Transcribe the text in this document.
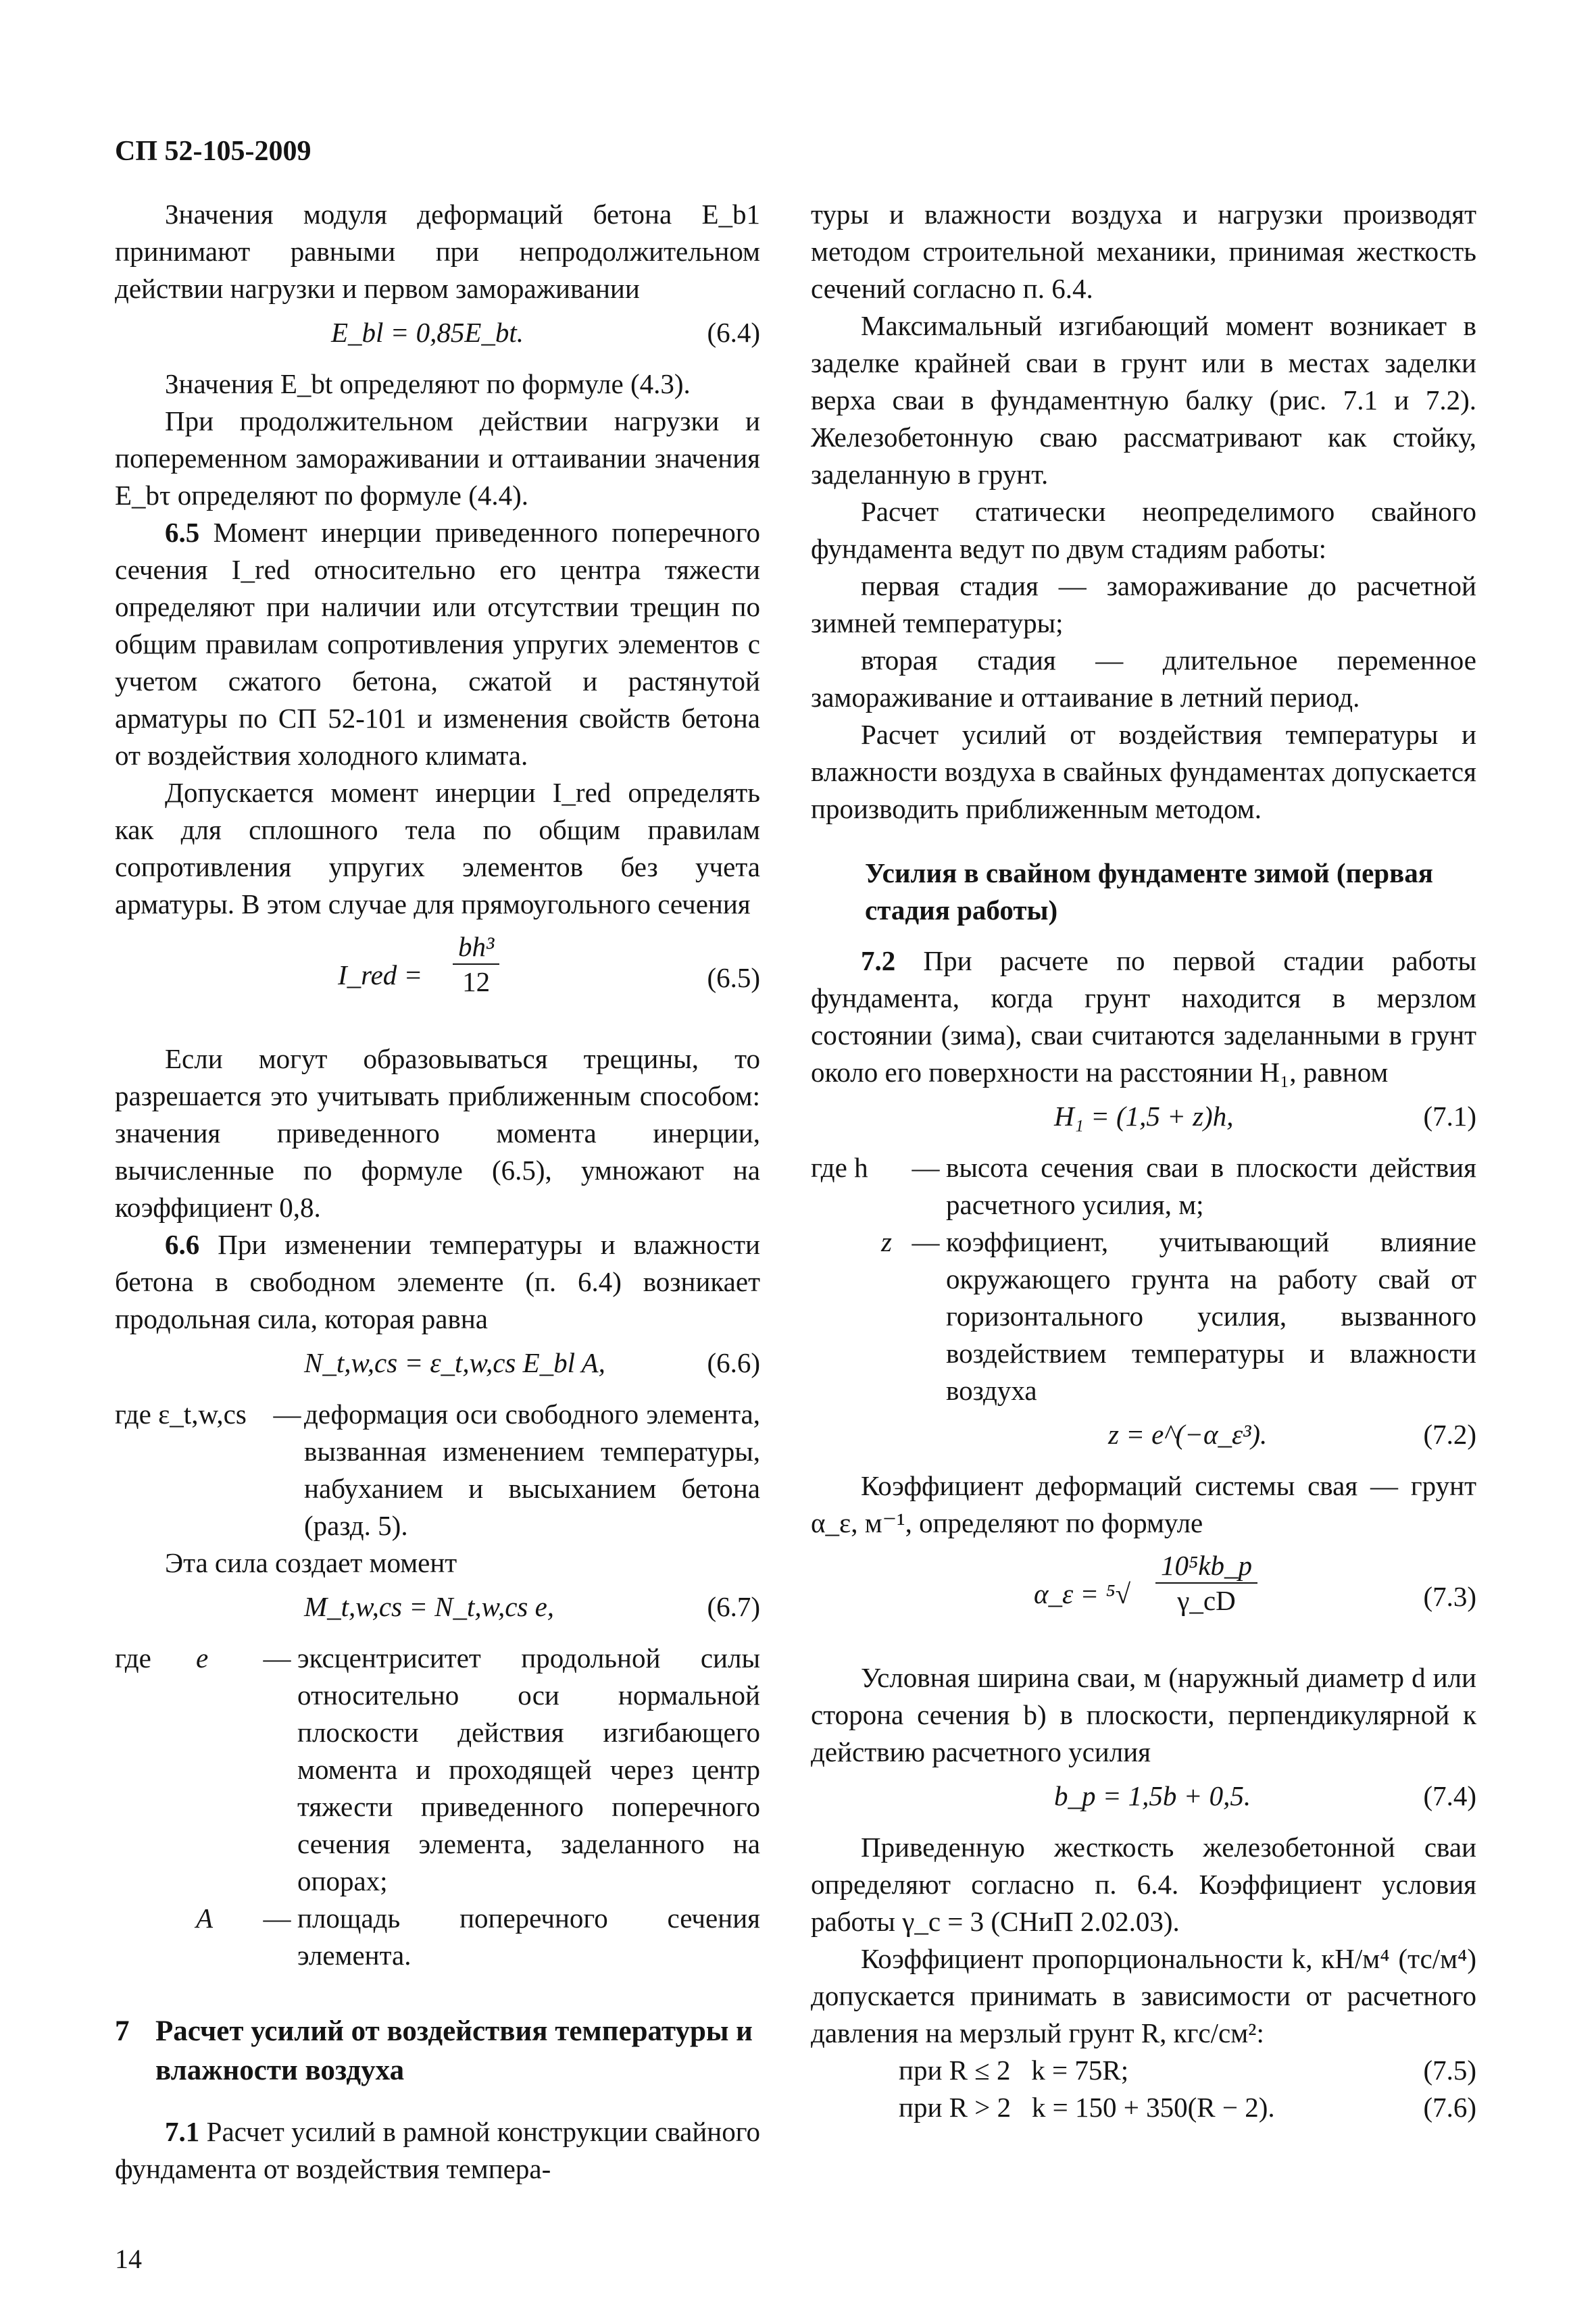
СП 52-105-2009

Значения модуля деформаций бетона E_b1 принимают равными при непродолжительном действии нагрузки и первом замораживании

E_bl = 0,85E_bt.	(6.4)

Значения E_bt определяют по формуле (4.3).

При продолжительном действии нагрузки и попеременном замораживании и оттаивании значения E_bτ определяют по формуле (4.4).

6.5 Момент инерции приведенного поперечного сечения I_red относительно его центра тяжести определяют при наличии или отсутствии трещин по общим правилам сопротивления упругих элементов с учетом сжатого бетона, сжатой и растянутой арматуры по СП 52-101 и изменения свойств бетона от воздействия холодного климата.

Допускается момент инерции I_red определять как для сплошного тела по общим правилам сопротивления упругих элементов без учета арматуры. В этом случае для прямоугольного сечения

I_red = $\frac{\text{bh³}}{12}$	(6.5)

Если могут образовываться трещины, то разрешается это учитывать приближенным способом: значения приведенного момента инерции, вычисленные по формуле (6.5), умножают на коэффициент 0,8.

6.6 При изменении температуры и влажности бетона в свободном элементе (п. 6.4) возникает продольная сила, которая равна

N_t,w,cs = ε_t,w,cs E_bl A,	(6.6)
где ε_t,w,cs — деформация оси свободного элемента, вызванная изменением температуры, набуханием и высыханием бетона (разд. 5).

Эта сила создает момент

M_t,w,cs = N_t,w,cs e,	(6.7)
где	e	— эксцентриситет продольной силы относительно оси нормальной плоскости действия изгибающего момента и проходящей через центр тяжести приведенного поперечного сечения элемента, заделанного на опорах;
A	— площадь поперечного сечения элемента.
7 Расчет усилий от воздействия температуры и влажности воздуха

7.1 Расчет усилий в рамной конструкции свайного фундамента от воздействия темпера-

туры и влажности воздуха и нагрузки производят методом строительной механики, принимая жесткость сечений согласно п. 6.4.

Максимальный изгибающий момент возникает в заделке крайней сваи в грунт или в местах заделки верха сваи в фундаментную балку (рис. 7.1 и 7.2). Железобетонную сваю рассматривают как стойку, заделанную в грунт.

Расчет статически неопределимого свайного фундамента ведут по двум стадиям работы:

первая стадия — замораживание до расчетной зимней температуры;

вторая стадия — длительное переменное замораживание и оттаивание в летний период.

Расчет усилий от воздействия температуры и влажности воздуха в свайных фундаментах допускается производить приближенным методом.

Усилия в свайном фундаменте зимой (первая стадия работы)

7.2 При расчете по первой стадии работы фундамента, когда грунт находится в мерзлом состоянии (зима), сваи считаются заделанными в грунт около его поверхности на расстоянии H₁, равном

H₁ = (1,5 + z)h,	(7.1)
где h	— высота сечения сваи в плоскости действия расчетного усилия, м;
z — коэффициент, учитывающий влияние окружающего грунта на работу свай от горизонтального усилия, вызванного воздействием температуры и влажности воздуха
z = e^(−α_ε³).	(7.2)

Коэффициент деформаций системы свая — грунт α_ε, м⁻¹, определяют по формуле

α_ε = $^5√ \frac{\text{10⁵kb\_p}}{\gamma\_cD}$	(7.3)

Условная ширина сваи, м (наружный диаметр d или сторона сечения b) в плоскости, перпендикулярной к действию расчетного усилия

b_p = 1,5b + 0,5.	(7.4)

Приведенную жесткость железобетонной сваи определяют согласно п. 6.4. Коэффициент условия работы γ_c = 3 (СНиП 2.02.03).

Коэффициент пропорциональности k, кН/м⁴ (тс/м⁴) допускается принимать в зависимости от расчетного давления на мерзлый грунт R, кгс/см²:

при R ≤ 2   k = 75R;	(7.5)
при R > 2   k = 150 + 350(R − 2).	(7.6)
14
